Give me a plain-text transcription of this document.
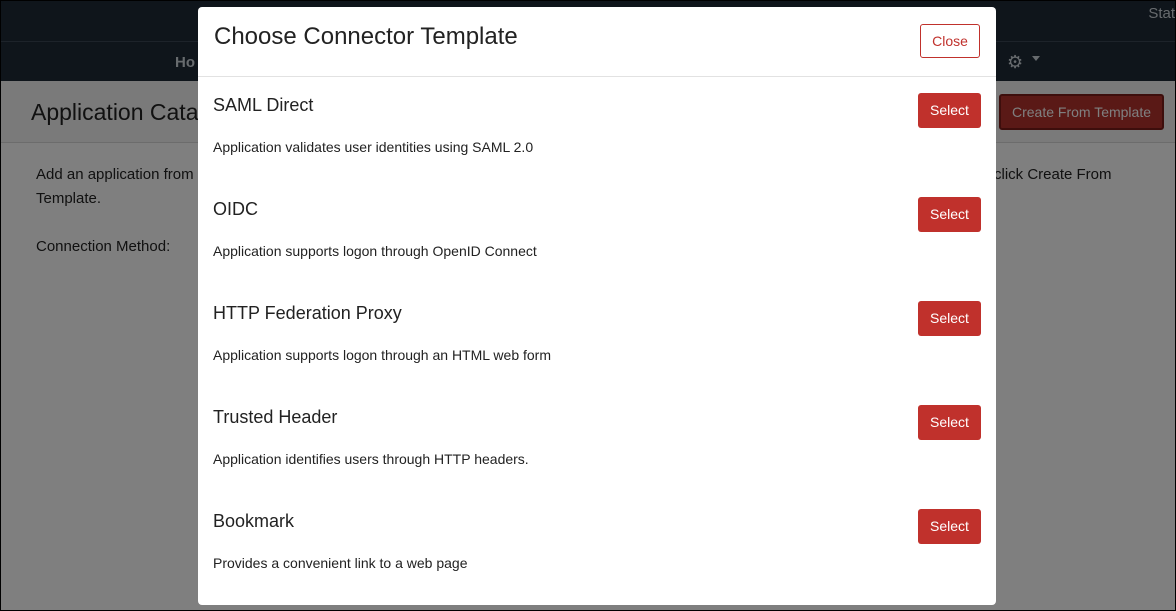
Choose Connector Template	Close
SAML Direct	Select
Application validates user identities using SAML 2.0
OIDC	Select
Application supports logon through OpenID Connect
HTTP Federation Proxy	Select
Application supports logon through an HTML web form
Trusted Header	Select
Application identifies users through HTTP headers.
Bookmark	Select
Provides a convenient link to a web page
